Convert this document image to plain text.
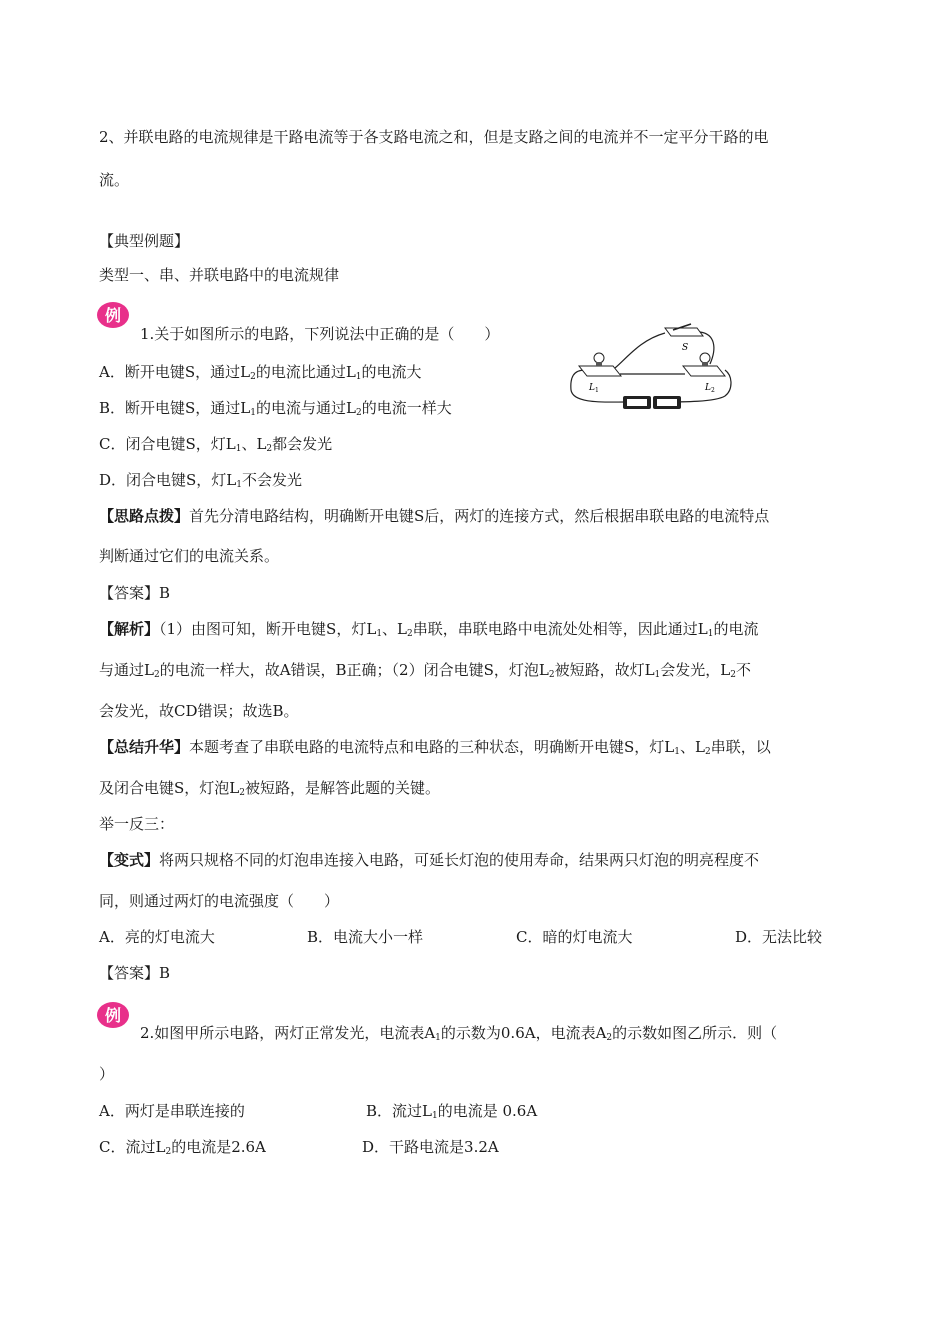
2、并联电路的电流规律是干路电流等于各支路电流之和，但是支路之间的电流并不一定平分干路的电
流。
【典型例题】
类型一、串、并联电路中的电流规律
例
1.关于如图所示的电路，下列说法中正确的是（　　）
A．断开电键S，通过$L_2$的电流比通过$L_1$的电流大
B．断开电键S，通过$L_1$的电流与通过$L_2$的电流一样大
C．闭合电键S，灯$L_1$、$L_2$都会发光
D．闭合电键S，灯$L_1$不会发光
L 1	L 2
S
【思路点拨】首先分清电路结构，明确断开电键S后，两灯的连接方式，然后根据串联电路的电流特点
判断通过它们的电流关系。
【答案】B
【解析】（1）由图可知，断开电键S，灯$L_1$、$L_2$串联，串联电路中电流处处相等，因此通过$L_1$的电流
与通过$L_2$的电流一样大，故A错误，B正确；（2）闭合电键S，灯泡$L_2$被短路，故灯$L_1$会发光，$L_2$不
会发光，故CD错误；故选B。
【总结升华】本题考查了串联电路的电流特点和电路的三种状态，明确断开电键S，灯$L_1$、$L_2$串联，以
及闭合电键S，灯泡$L_2$被短路，是解答此题的关键。
举一反三：
【变式】将两只规格不同的灯泡串连接入电路，可延长灯泡的使用寿命，结果两只灯泡的明亮程度不
同，则通过两灯的电流强度（　　）
A．亮的灯电流大	B．电流大小一样	C．暗的灯电流大	D．无法比较
【答案】B
例
2.如图甲所示电路，两灯正常发光，电流表$A_1$的示数为0.6A，电流表$A_2$的示数如图乙所示．则（
）
A．两灯是串联连接的	B．流过$L_1$的电流是 0.6A
C．流过$L_2$的电流是2.6A	D．干路电流是3.2A
